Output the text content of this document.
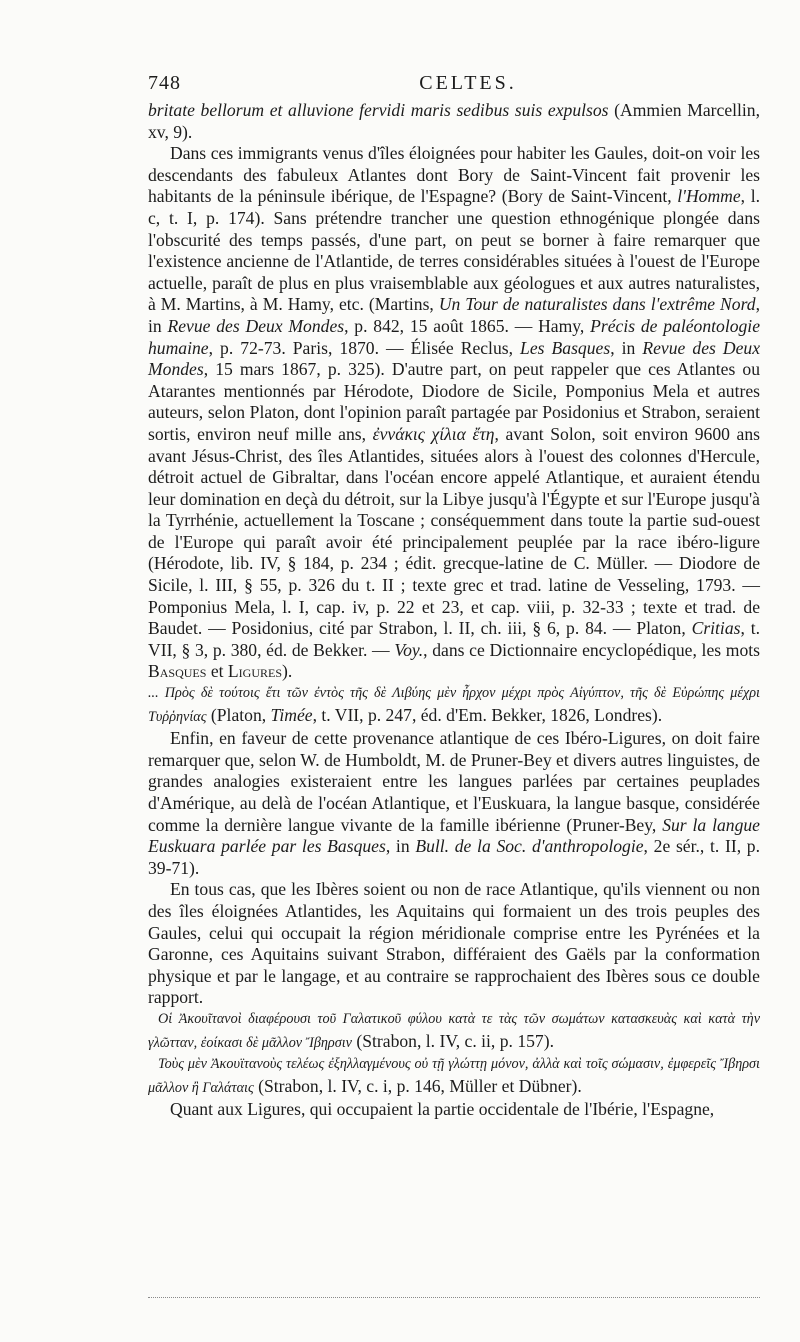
748	CELTES.

britate bellorum et alluvione fervidi maris sedibus suis expulsos (Ammien Marcellin, xv, 9).

Dans ces immigrants venus d'îles éloignées pour habiter les Gaules, doit-on voir les descendants des fabuleux Atlantes dont Bory de Saint-Vincent fait provenir les habitants de la péninsule ibérique, de l'Espagne? (Bory de Saint-Vincent, l'Homme, l. c, t. I, p. 174). Sans prétendre trancher une question ethnogénique plongée dans l'obscurité des temps passés, d'une part, on peut se borner à faire remarquer que l'existence ancienne de l'Atlantide, de terres considérables situées à l'ouest de l'Europe actuelle, paraît de plus en plus vraisemblable aux géologues et aux autres naturalistes, à M. Martins, à M. Hamy, etc. (Martins, Un Tour de naturalistes dans l'extrême Nord, in Revue des Deux Mondes, p. 842, 15 août 1865. — Hamy, Précis de paléontologie humaine, p. 72-73. Paris, 1870. — Élisée Reclus, Les Basques, in Revue des Deux Mondes, 15 mars 1867, p. 325). D'autre part, on peut rappeler que ces Atlantes ou Atarantes mentionnés par Hérodote, Diodore de Sicile, Pomponius Mela et autres auteurs, selon Platon, dont l'opinion paraît partagée par Posidonius et Strabon, seraient sortis, environ neuf mille ans, ἐννάκις χίλια ἔτη, avant Solon, soit environ 9600 ans avant Jésus-Christ, des îles Atlantides, situées alors à l'ouest des colonnes d'Hercule, détroit actuel de Gibraltar, dans l'océan encore appelé Atlantique, et auraient étendu leur domination en deçà du détroit, sur la Libye jusqu'à l'Égypte et sur l'Europe jusqu'à la Tyrrhénie, actuellement la Toscane ; conséquemment dans toute la partie sud-ouest de l'Europe qui paraît avoir été principalement peuplée par la race ibéro-ligure (Hérodote, lib. IV, § 184, p. 234 ; édit. grecque-latine de C. Müller. — Diodore de Sicile, l. III, § 55, p. 326 du t. II ; texte grec et trad. latine de Vesseling, 1793. — Pomponius Mela, l. I, cap. iv, p. 22 et 23, et cap. viii, p. 32-33 ; texte et trad. de Baudet. — Posidonius, cité par Strabon, l. II, ch. iii, § 6, p. 84. — Platon, Critias, t. VII, § 3, p. 380, éd. de Bekker. — Voy., dans ce Dictionnaire encyclopédique, les mots Basques et Ligures).

... Πρὸς δὲ τούτοις ἔτι τῶν ἐντὸς τῆς δὲ Λιβύης μὲν ἦρχον μέχρι πρὸς Αἰγύπτον, τῆς δὲ Εὐρώπης μέχρι Τυῤῥηνίας (Platon, Timée, t. VII, p. 247, éd. d'Em. Bekker, 1826, Londres).

Enfin, en faveur de cette provenance atlantique de ces Ibéro-Ligures, on doit faire remarquer que, selon W. de Humboldt, M. de Pruner-Bey et divers autres linguistes, de grandes analogies existeraient entre les langues parlées par certaines peuplades d'Amérique, au delà de l'océan Atlantique, et l'Euskuara, la langue basque, considérée comme la dernière langue vivante de la famille ibérienne (Pruner-Bey, Sur la langue Euskuara parlée par les Basques, in Bull. de la Soc. d'anthropologie, 2e sér., t. II, p. 39-71).

En tous cas, que les Ibères soient ou non de race Atlantique, qu'ils viennent ou non des îles éloignées Atlantides, les Aquitains qui formaient un des trois peuples des Gaules, celui qui occupait la région méridionale comprise entre les Pyrénées et la Garonne, ces Aquitains suivant Strabon, différaient des Gaëls par la conformation physique et par le langage, et au contraire se rapprochaient des Ibères sous ce double rapport.

Οἱ Ἀκουῖτανοὶ διαφέρουσι τοῦ Γαλατικοῦ φύλου κατὰ τε τὰς τῶν σωμάτων κατασκευὰς καὶ κατὰ τὴν γλῶτταν, ἐοίκασι δὲ μᾶλλον Ἴβηρσιν (Strabon, l. IV, c. ii, p. 157).

Τοὺς μὲν Ἀκουϊτανοὺς τελέως ἐξηλλαγμένους οὐ τῇ γλώττῃ μόνον, ἀλλὰ καὶ τοῖς σώμασιν, ἐμφερεῖς Ἴβηρσι μᾶλλον ἢ Γαλάταις (Strabon, l. IV, c. i, p. 146, Müller et Dübner).

Quant aux Ligures, qui occupaient la partie occidentale de l'Ibérie, l'Espagne,
